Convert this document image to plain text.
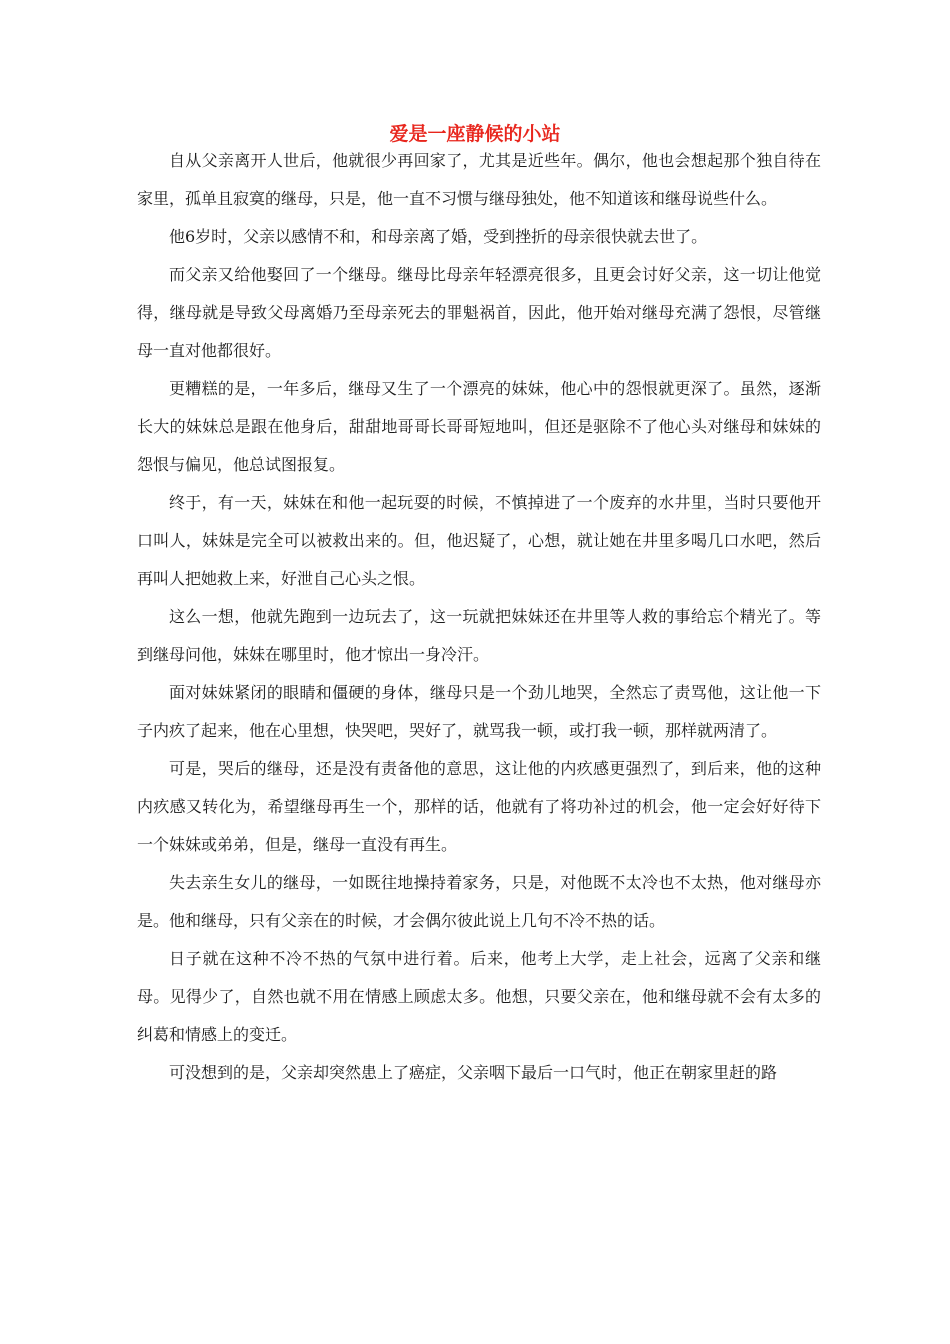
爱是一座静候的小站

自从父亲离开人世后，他就很少再回家了，尤其是近些年。偶尔，他也会想起那个独自待在家里，孤单且寂寞的继母，只是，他一直不习惯与继母独处，他不知道该和继母说些什么。

他6岁时，父亲以感情不和，和母亲离了婚，受到挫折的母亲很快就去世了。

而父亲又给他娶回了一个继母。继母比母亲年轻漂亮很多，且更会讨好父亲，这一切让他觉得，继母就是导致父母离婚乃至母亲死去的罪魁祸首，因此，他开始对继母充满了怨恨，尽管继母一直对他都很好。

更糟糕的是，一年多后，继母又生了一个漂亮的妹妹，他心中的怨恨就更深了。虽然，逐渐长大的妹妹总是跟在他身后，甜甜地哥哥长哥哥短地叫，但还是驱除不了他心头对继母和妹妹的怨恨与偏见，他总试图报复。

终于，有一天，妹妹在和他一起玩耍的时候，不慎掉进了一个废弃的水井里，当时只要他开口叫人，妹妹是完全可以被救出来的。但，他迟疑了，心想，就让她在井里多喝几口水吧，然后再叫人把她救上来，好泄自己心头之恨。

这么一想，他就先跑到一边玩去了，这一玩就把妹妹还在井里等人救的事给忘个精光了。等到继母问他，妹妹在哪里时，他才惊出一身冷汗。

面对妹妹紧闭的眼睛和僵硬的身体，继母只是一个劲儿地哭，全然忘了责骂他，这让他一下子内疚了起来，他在心里想，快哭吧，哭好了，就骂我一顿，或打我一顿，那样就两清了。

可是，哭后的继母，还是没有责备他的意思，这让他的内疚感更强烈了，到后来，他的这种内疚感又转化为，希望继母再生一个，那样的话，他就有了将功补过的机会，他一定会好好待下一个妹妹或弟弟，但是，继母一直没有再生。

失去亲生女儿的继母，一如既往地操持着家务，只是，对他既不太冷也不太热，他对继母亦是。他和继母，只有父亲在的时候，才会偶尔彼此说上几句不冷不热的话。

日子就在这种不冷不热的气氛中进行着。后来，他考上大学，走上社会，远离了父亲和继母。见得少了，自然也就不用在情感上顾虑太多。他想，只要父亲在，他和继母就不会有太多的纠葛和情感上的变迁。

可没想到的是，父亲却突然患上了癌症，父亲咽下最后一口气时，他正在朝家里赶的路
